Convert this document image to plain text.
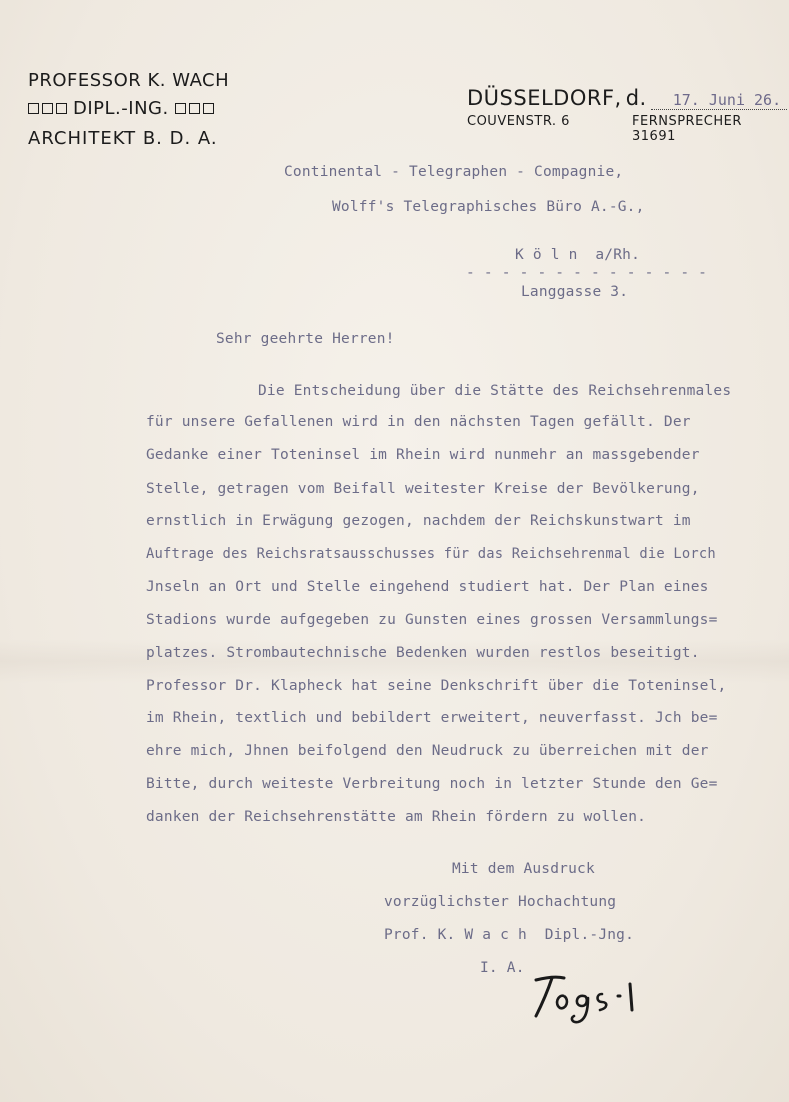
PROFESSOR K. WACH
DIPL.-ING.
ARCHITEKT B. D. A.
DÜSSELDORF, d.	17. Juni 26.
COUVENSTR. 6	FERNSPRECHER 31691
Continental - Telegraphen - Compagnie,
Wolff's Telegraphisches Büro A.-G.,
K ö l n  a/Rh.
- - - - - - - - - - - - - -
Langgasse 3.
Sehr geehrte Herren!
Die Entscheidung über die Stätte des Reichsehrenmales
für unsere Gefallenen wird in den nächsten Tagen gefällt. Der
Gedanke einer Toteninsel im Rhein wird nunmehr an massgebender
Stelle, getragen vom Beifall weitester Kreise der Bevölkerung,
ernstlich in Erwägung gezogen, nachdem der Reichskunstwart im
Auftrage des Reichsratsausschusses für das Reichsehrenmal die Lorch
Jnseln an Ort und Stelle eingehend studiert hat. Der Plan eines
Stadions wurde aufgegeben zu Gunsten eines grossen Versammlungs=
platzes. Strombautechnische Bedenken wurden restlos beseitigt.
Professor Dr. Klapheck hat seine Denkschrift über die Toteninsel,
im Rhein, textlich und bebildert erweitert, neuverfasst. Jch be=
ehre mich, Jhnen beifolgend den Neudruck zu überreichen mit der
Bitte, durch weiteste Verbreitung noch in letzter Stunde den Ge=
danken der Reichsehrenstätte am Rhein fördern zu wollen.
Mit dem Ausdruck
vorzüglichster Hochachtung
Prof. K. W a c h  Dipl.-Jng.
I. A.
